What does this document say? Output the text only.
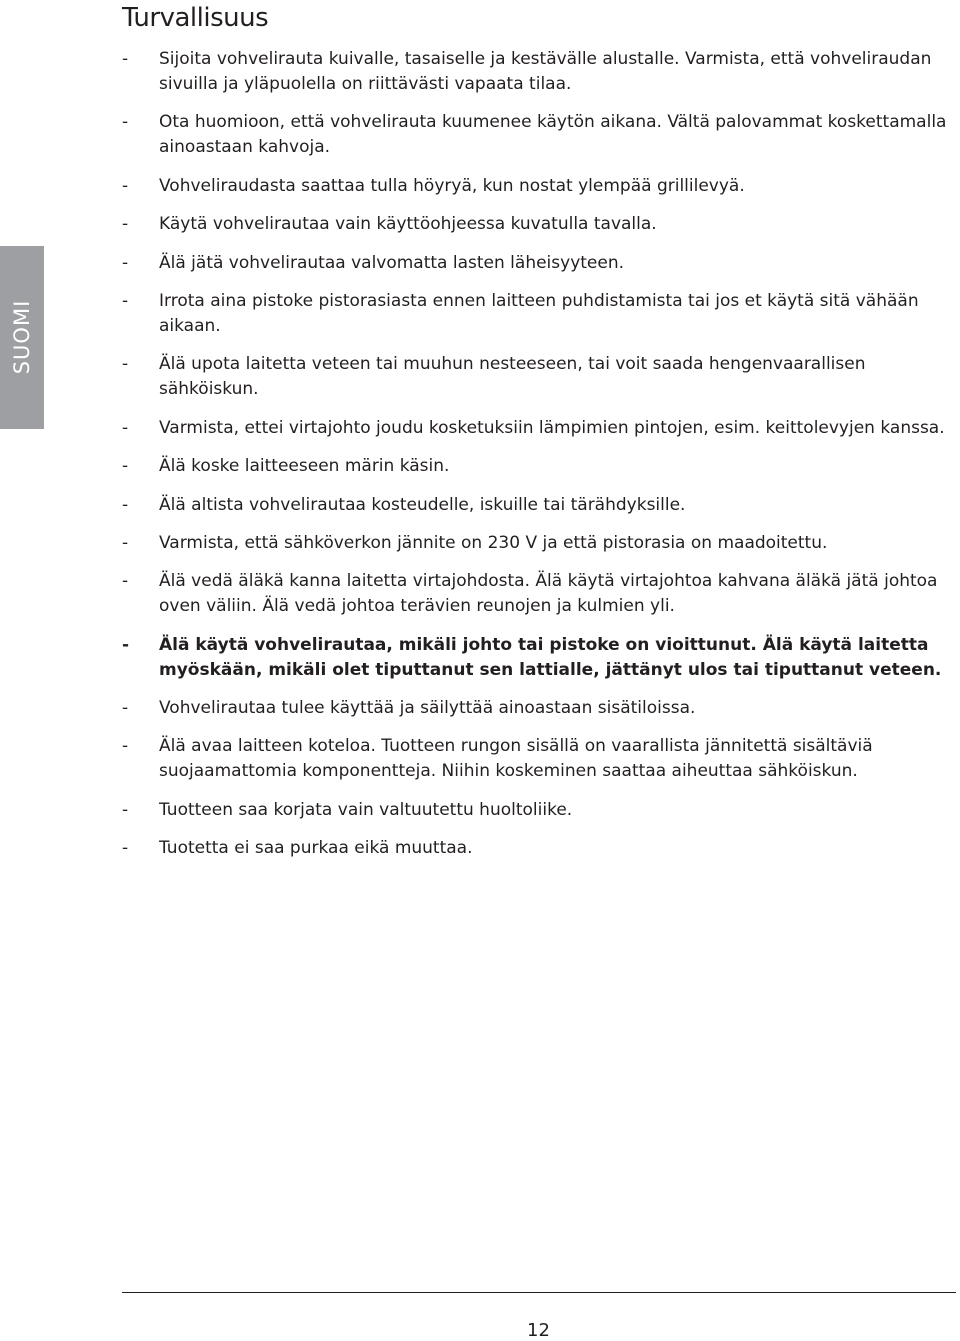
SUOMI
Turvallisuus
- Sijoita vohvelirauta kuivalle, tasaiselle ja kestävälle alustalle. Varmista, että vohveliraudan sivuilla ja yläpuolella on riittävästi vapaata tilaa.
- Ota huomioon, että vohvelirauta kuumenee käytön aikana. Vältä palovammat koskettamalla ainoastaan kahvoja.
- Vohveliraudasta saattaa tulla höyryä, kun nostat ylempää grillilevyä.
- Käytä vohvelirautaa vain käyttöohjeessa kuvatulla tavalla.
- Älä jätä vohvelirautaa valvomatta lasten läheisyyteen.
- Irrota aina pistoke pistorasiasta ennen laitteen puhdistamista tai jos et käytä sitä vähään aikaan.
- Älä upota laitetta veteen tai muuhun nesteeseen, tai voit saada hengenvaarallisen sähköiskun.
- Varmista, ettei virtajohto joudu kosketuksiin lämpimien pintojen, esim. keittolevyjen kanssa.
- Älä koske laitteeseen märin käsin.
- Älä altista vohvelirautaa kosteudelle, iskuille tai tärähdyksille.
- Varmista, että sähköverkon jännite on 230 V ja että pistorasia on maadoitettu.
- Älä vedä äläkä kanna laitetta virtajohdosta. Älä käytä virtajohtoa kahvana äläkä jätä johtoa oven väliin. Älä vedä johtoa terävien reunojen ja kulmien yli.
- Älä käytä vohvelirautaa, mikäli johto tai pistoke on vioittunut. Älä käytä laitetta myöskään, mikäli olet tiputtanut sen lattialle, jättänyt ulos tai tiputtanut veteen.
- Vohvelirautaa tulee käyttää ja säilyttää ainoastaan sisätiloissa.
- Älä avaa laitteen koteloa. Tuotteen rungon sisällä on vaarallista jännitettä sisältäviä suojaamattomia komponentteja. Niihin koskeminen saattaa aiheuttaa sähköiskun.
- Tuotteen saa korjata vain valtuutettu huoltoliike.
- Tuotetta ei saa purkaa eikä muuttaa.
12
